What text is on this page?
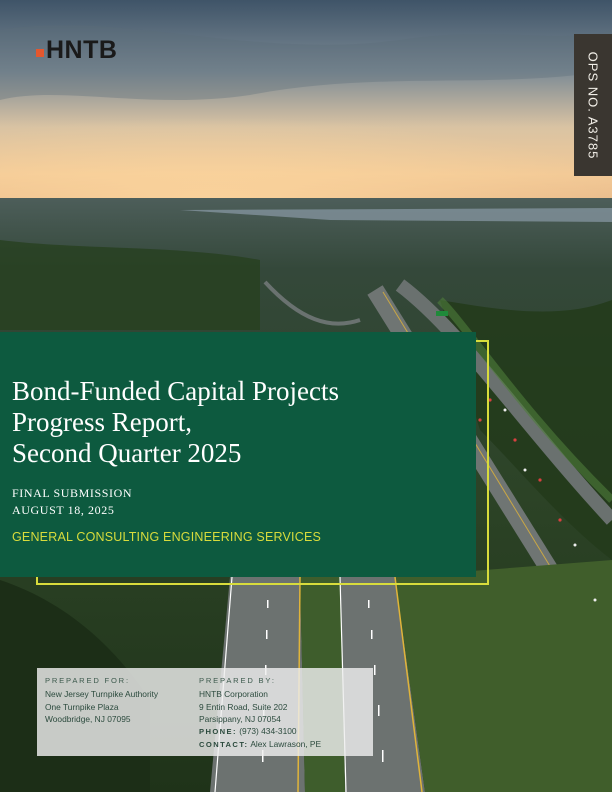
HNTB
OPS NO. A3785
Bond-Funded Capital Projects
Progress Report,
Second Quarter 2025
FINAL SUBMISSION
AUGUST 18, 2025
GENERAL CONSULTING ENGINEERING SERVICES
PREPARED FOR:
New Jersey Turnpike Authority
One Turnpike Plaza
Woodbridge, NJ 07095
PREPARED BY:
HNTB Corporation
9 Entin Road, Suite 202
Parsippany, NJ 07054
PHONE: (973) 434-3100
CONTACT: Alex Lawrason, PE
